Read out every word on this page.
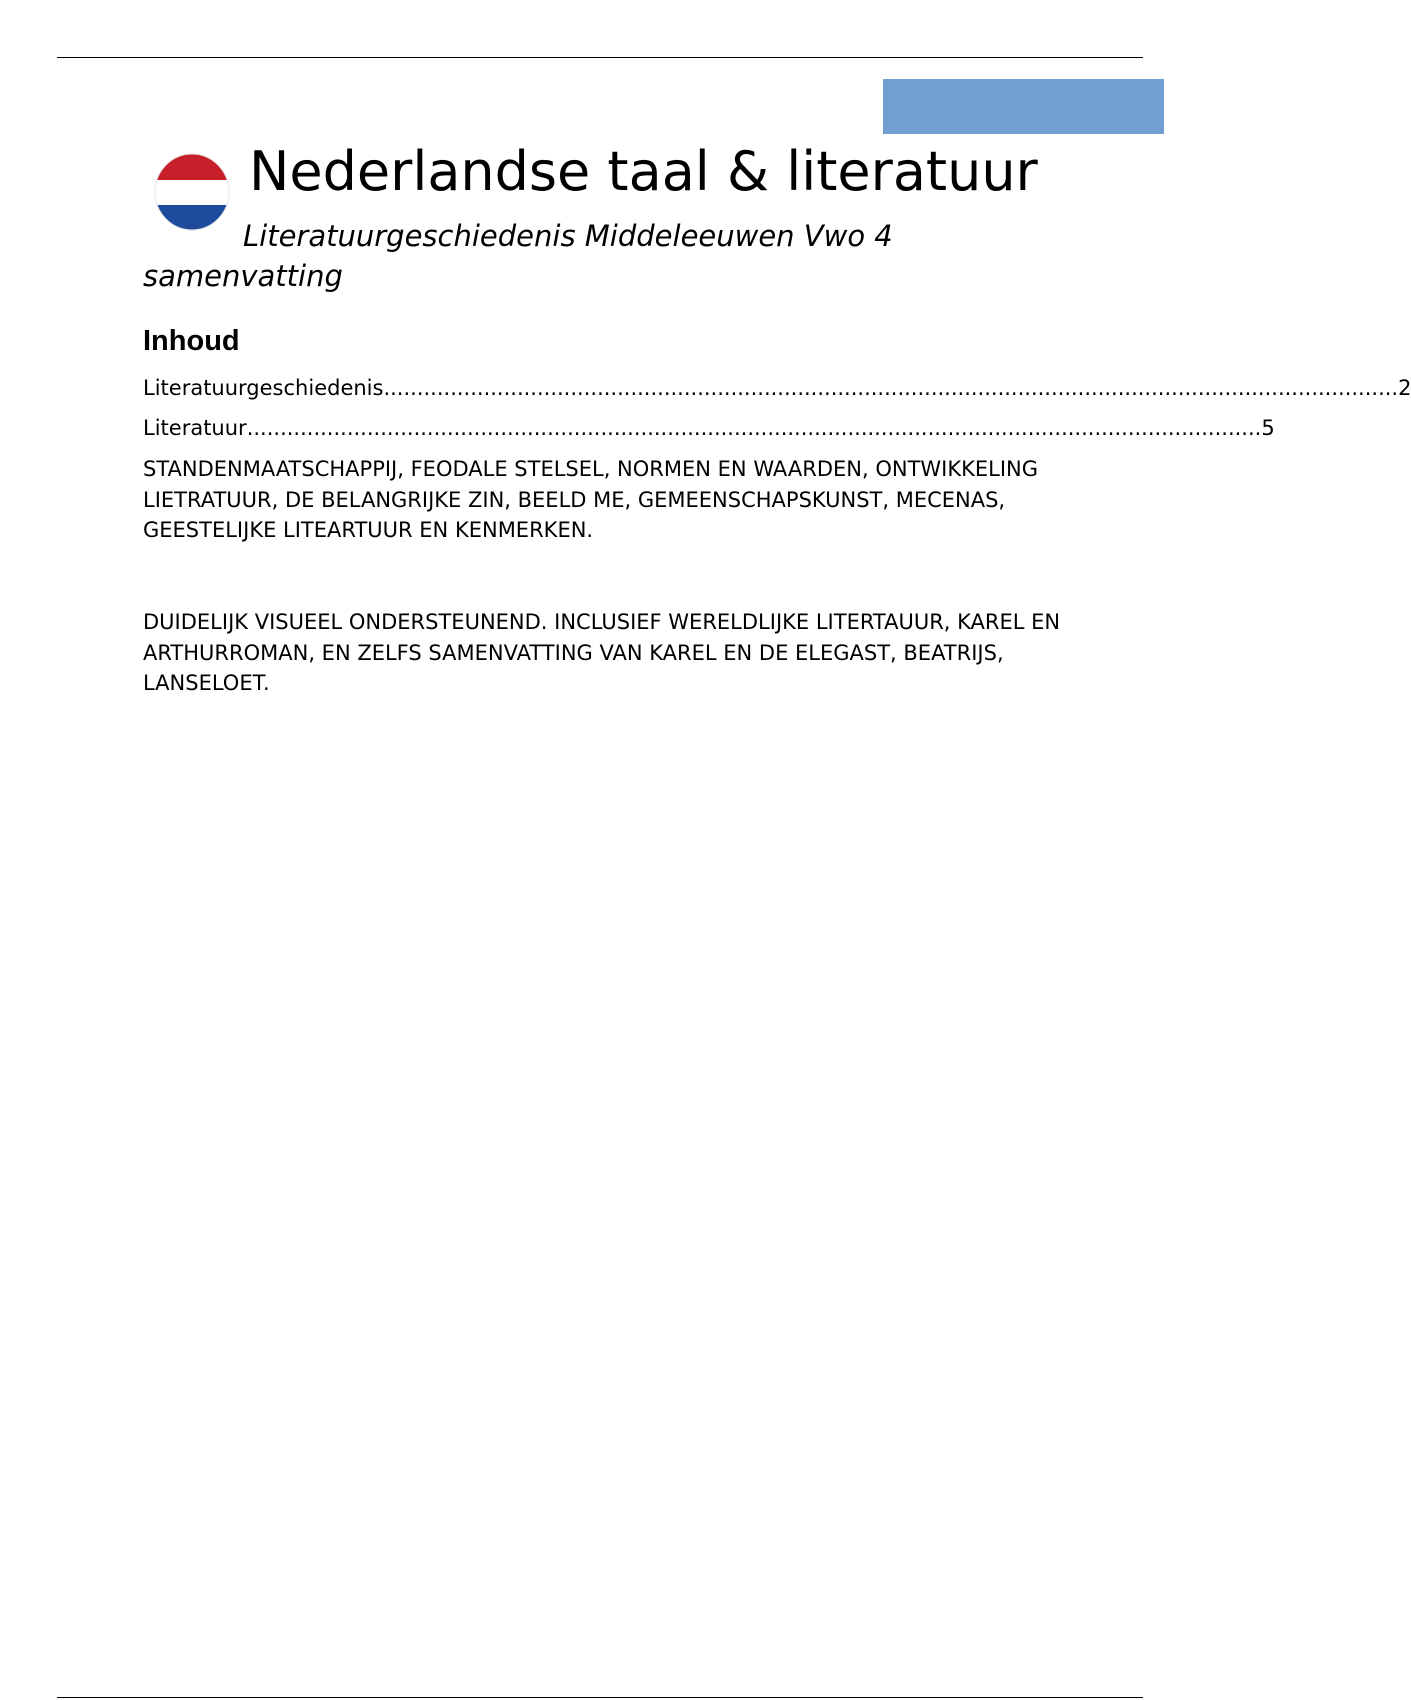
Nederlandse taal & literatuur

Literatuurgeschiedenis Middeleeuwen Vwo 4 samenvatting

Inhoud
Literatuurgeschiedenis ........................................................................................................................................................ 2
Literatuur ........................................................................................................................................................ 5

STANDENMAATSCHAPPIJ, FEODALE STELSEL, NORMEN EN WAARDEN, ONTWIKKELING LIETRATUUR, DE BELANGRIJKE ZIN, BEELD ME, GEMEENSCHAPSKUNST, MECENAS, GEESTELIJKE LITEARTUUR EN KENMERKEN.

DUIDELIJK VISUEEL ONDERSTEUNEND. INCLUSIEF WERELDLIJKE LITERTAUUR, KAREL EN ARTHURROMAN, EN ZELFS SAMENVATTING VAN KAREL EN DE ELEGAST, BEATRIJS, LANSELOET.
